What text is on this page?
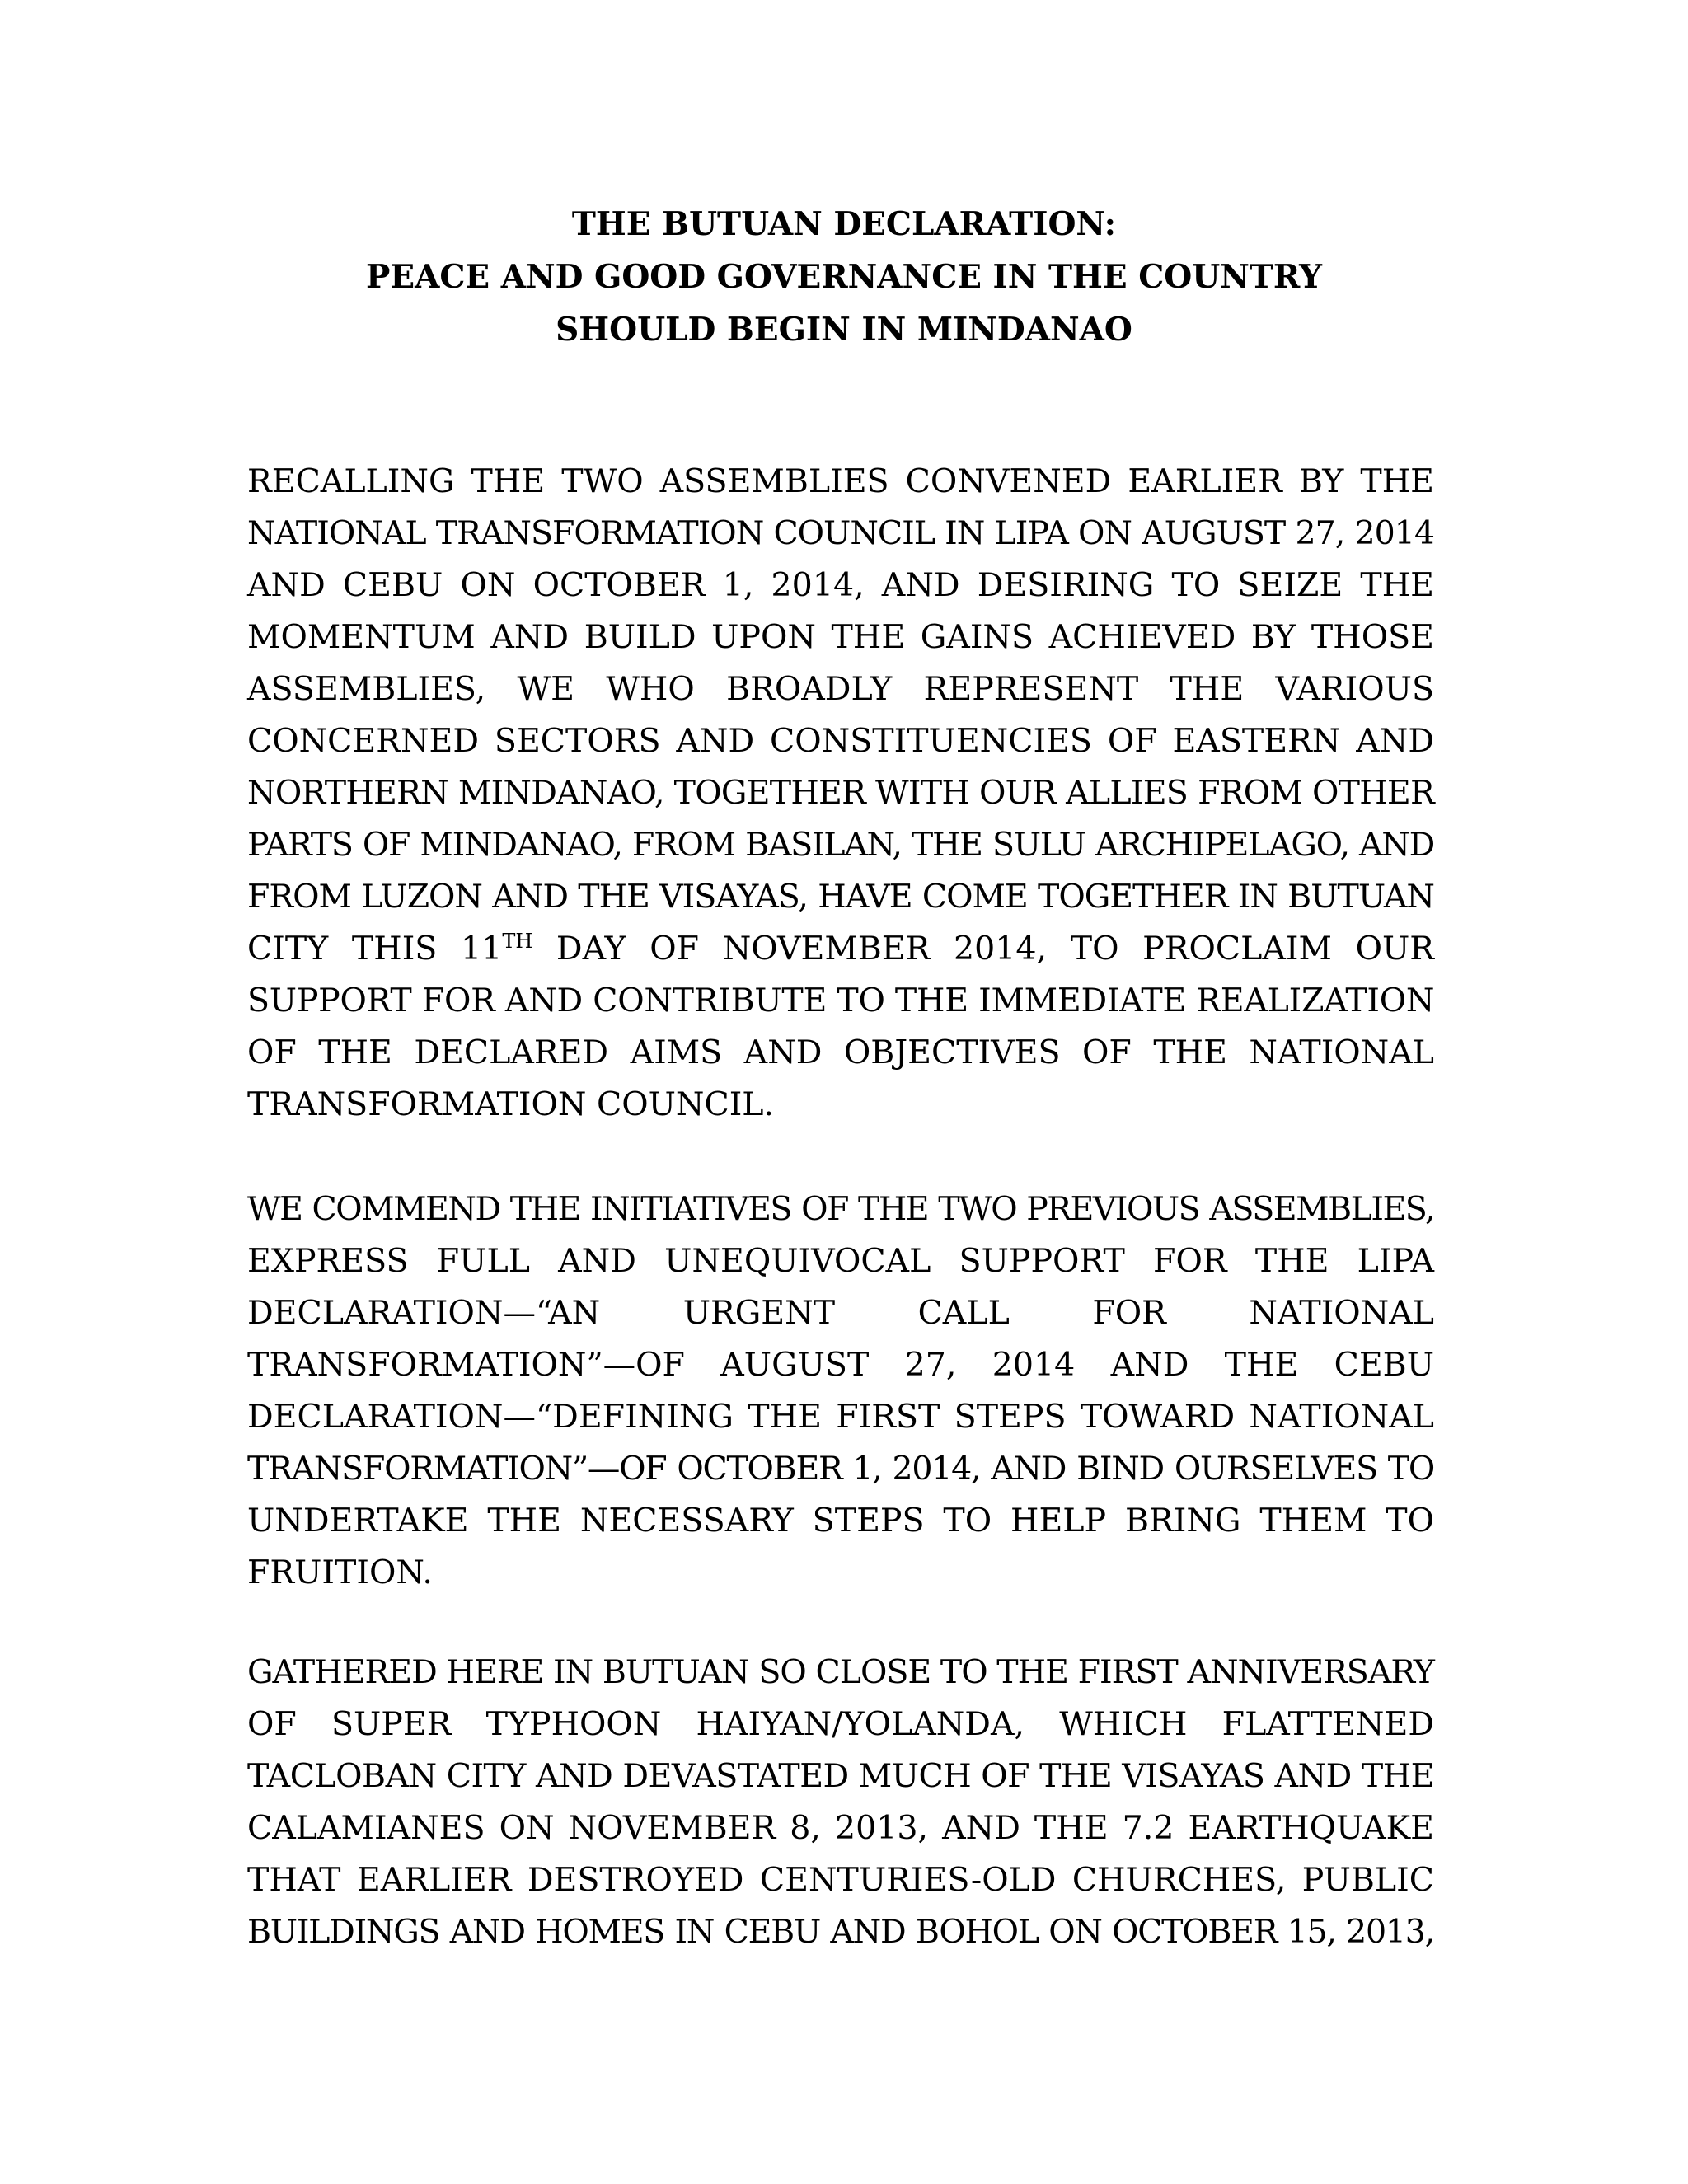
THE BUTUAN DECLARATION:
PEACE AND GOOD GOVERNANCE IN THE COUNTRY
SHOULD BEGIN IN MINDANAO
RECALLING THE TWO ASSEMBLIES CONVENED EARLIER BY THE
NATIONAL TRANSFORMATION COUNCIL IN LIPA ON AUGUST 27, 2014
AND CEBU ON OCTOBER 1, 2014, AND DESIRING TO SEIZE THE
MOMENTUM AND BUILD UPON THE GAINS ACHIEVED BY THOSE
ASSEMBLIES, WE WHO BROADLY REPRESENT THE VARIOUS
CONCERNED SECTORS AND CONSTITUENCIES OF EASTERN AND
NORTHERN MINDANAO, TOGETHER WITH OUR ALLIES FROM OTHER
PARTS OF MINDANAO, FROM BASILAN, THE SULU ARCHIPELAGO, AND
FROM LUZON AND THE VISAYAS, HAVE COME TOGETHER IN BUTUAN
CITY THIS 11TH DAY OF NOVEMBER 2014, TO PROCLAIM OUR
SUPPORT FOR AND CONTRIBUTE TO THE IMMEDIATE REALIZATION
OF THE DECLARED AIMS AND OBJECTIVES OF THE NATIONAL
TRANSFORMATION COUNCIL.
WE COMMEND THE INITIATIVES OF THE TWO PREVIOUS ASSEMBLIES,
EXPRESS FULL AND UNEQUIVOCAL SUPPORT FOR THE LIPA
DECLARATION—“AN URGENT CALL FOR NATIONAL
TRANSFORMATION”—OF AUGUST 27, 2014 AND THE CEBU
DECLARATION—“DEFINING THE FIRST STEPS TOWARD NATIONAL
TRANSFORMATION”—OF OCTOBER 1, 2014, AND BIND OURSELVES TO
UNDERTAKE THE NECESSARY STEPS TO HELP BRING THEM TO
FRUITION.
GATHERED HERE IN BUTUAN SO CLOSE TO THE FIRST ANNIVERSARY
OF SUPER TYPHOON HAIYAN/YOLANDA, WHICH FLATTENED
TACLOBAN CITY AND DEVASTATED MUCH OF THE VISAYAS AND THE
CALAMIANES ON NOVEMBER 8, 2013, AND THE 7.2 EARTHQUAKE
THAT EARLIER DESTROYED CENTURIES-OLD CHURCHES, PUBLIC
BUILDINGS AND HOMES IN CEBU AND BOHOL ON OCTOBER 15, 2013,
